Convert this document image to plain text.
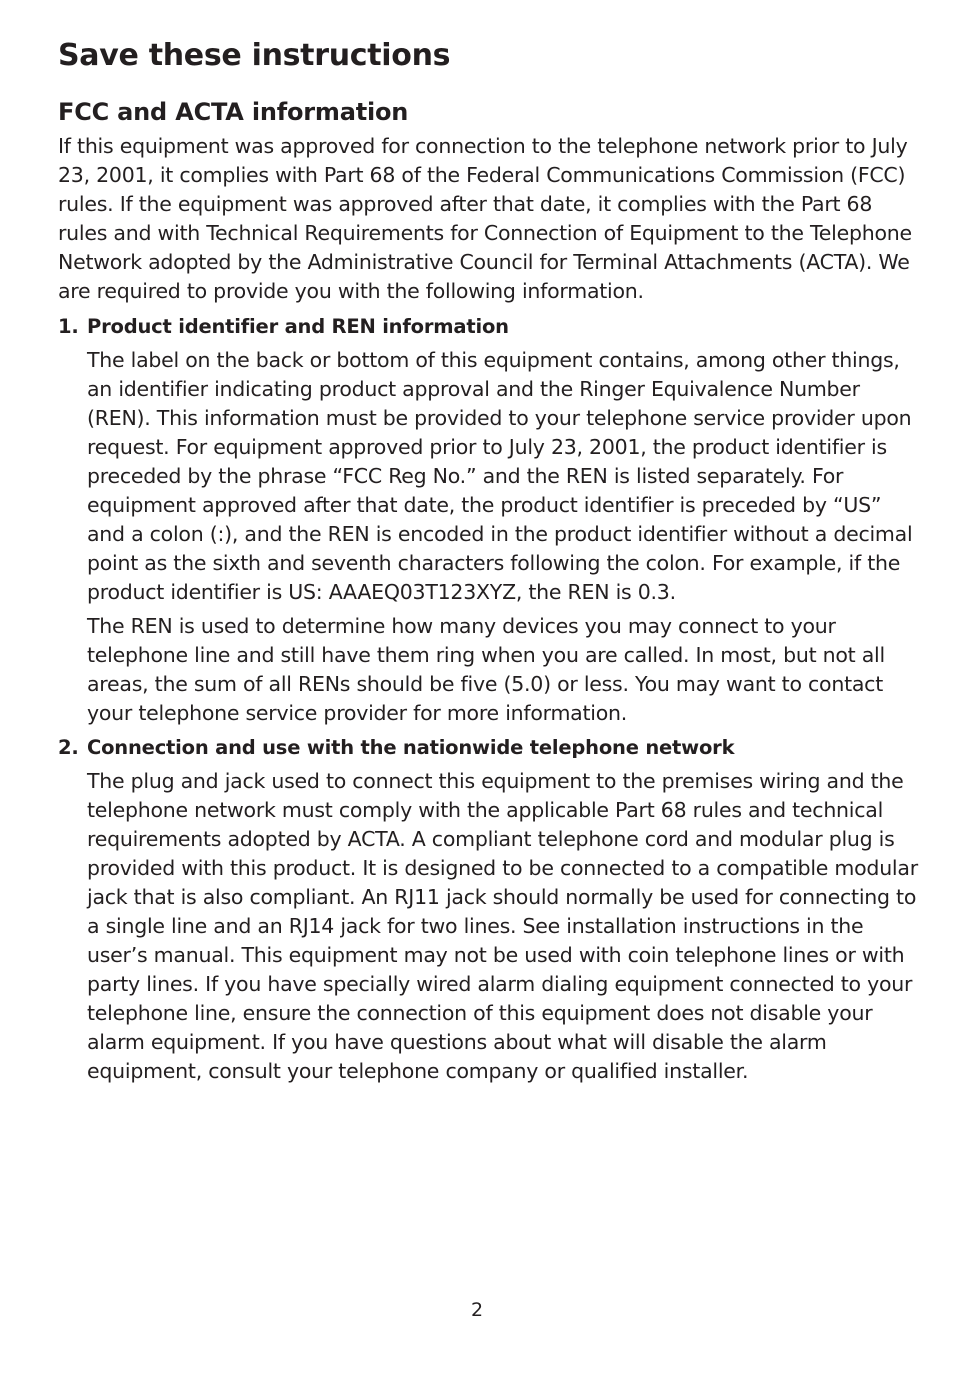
Save these instructions
FCC and ACTA information

If this equipment was approved for connection to the telephone network prior to July 23, 2001, it complies with Part 68 of the Federal Communications Commission (FCC) rules. If the equipment was approved after that date, it complies with the Part 68 rules and with Technical Requirements for Connection of Equipment to the Telephone Network adopted by the Administrative Council for Terminal Attachments (ACTA). We are required to provide you with the following information.

1. Product identifier and REN information

The label on the back or bottom of this equipment contains, among other things, an identifier indicating product approval and the Ringer Equivalence Number (REN). This information must be provided to your telephone service provider upon request. For equipment approved prior to July 23, 2001, the product identifier is preceded by the phrase “FCC Reg No.” and the REN is listed separately. For equipment approved after that date, the product identifier is preceded by “US” and a colon (:), and the REN is encoded in the product identifier without a decimal point as the sixth and seventh characters following the colon. For example, if the product identifier is US: AAAEQ03T123XYZ, the REN is 0.3.

The REN is used to determine how many devices you may connect to your telephone line and still have them ring when you are called. In most, but not all areas, the sum of all RENs should be five (5.0) or less. You may want to contact your telephone service provider for more information.

2. Connection and use with the nationwide telephone network

The plug and jack used to connect this equipment to the premises wiring and the telephone network must comply with the applicable Part 68 rules and technical requirements adopted by ACTA. A compliant telephone cord and modular plug is provided with this product. It is designed to be connected to a compatible modular jack that is also compliant. An RJ11 jack should normally be used for connecting to a single line and an RJ14 jack for two lines. See installation instructions in the user’s manual. This equipment may not be used with coin telephone lines or with party lines. If you have specially wired alarm dialing equipment connected to your telephone line, ensure the connection of this equipment does not disable your alarm equipment. If you have questions about what will disable the alarm equipment, consult your telephone company or qualified installer.

2
